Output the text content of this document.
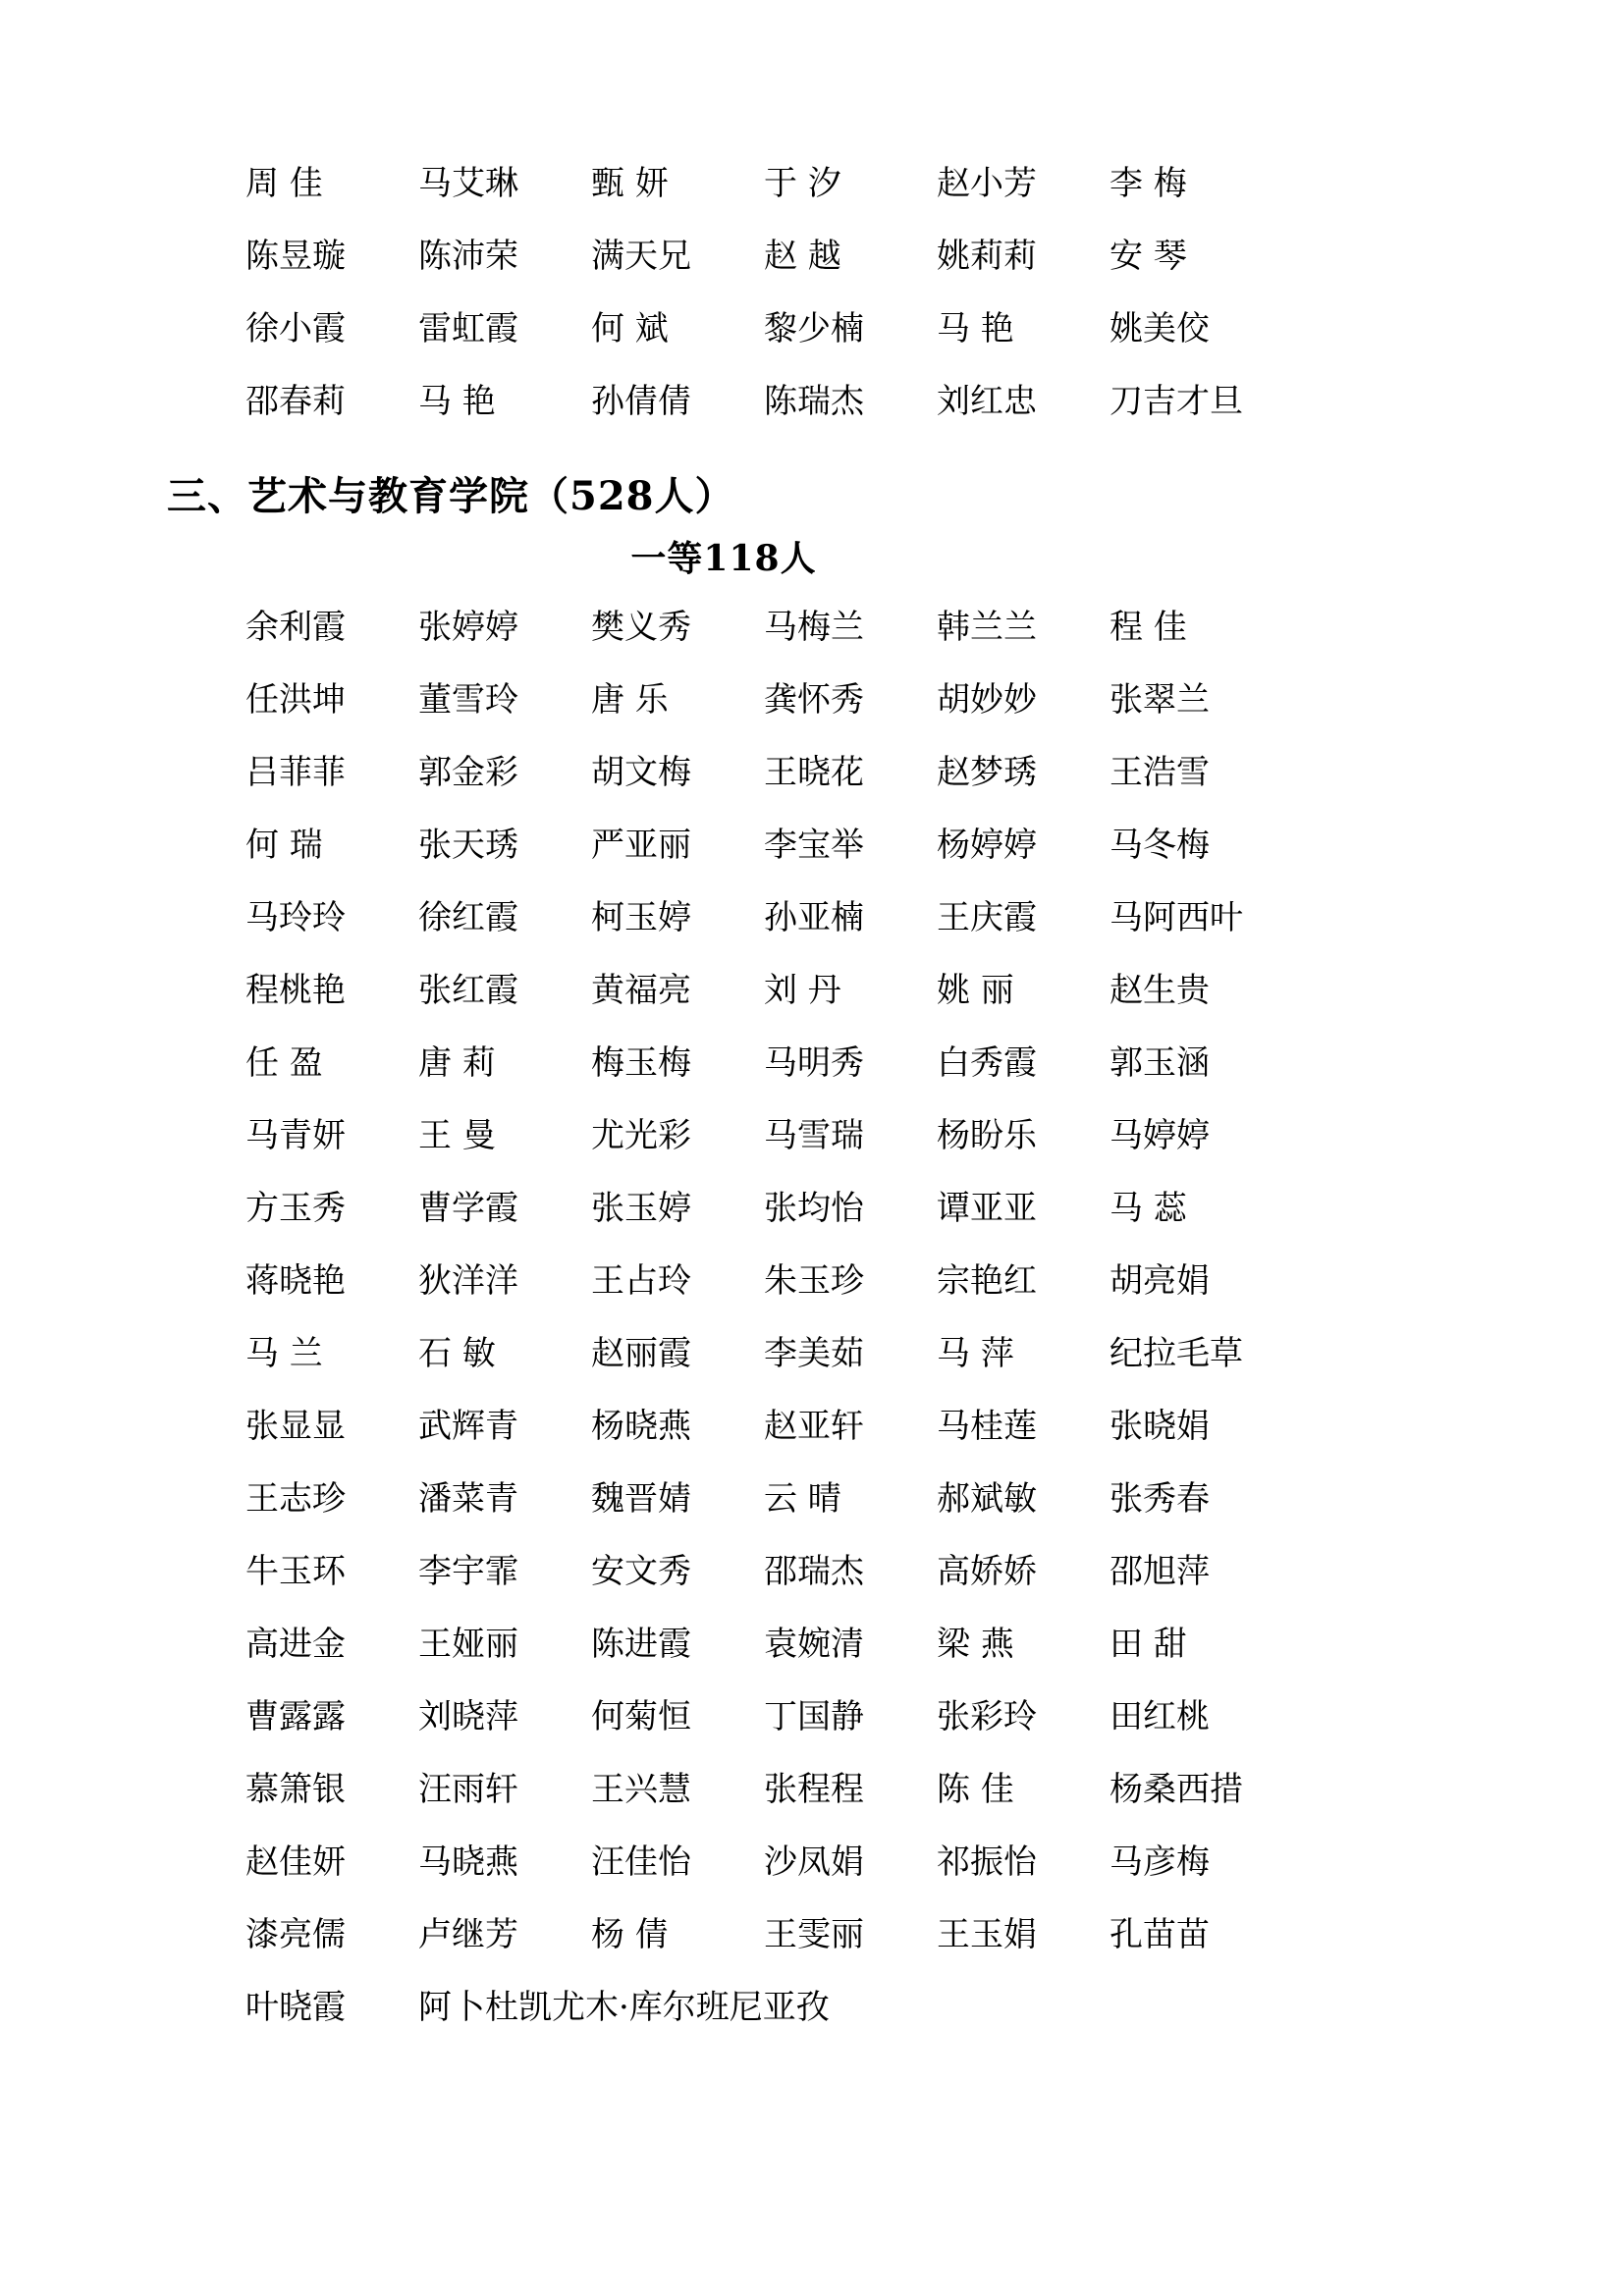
周 佳	马艾琳	甄 妍	于 汐	赵小芳	李 梅
陈昱璇	陈沛荣	满天兄	赵 越	姚莉莉	安 琴
徐小霞	雷虹霞	何 斌	黎少楠	马 艳	姚美佼
邵春莉	马 艳	孙倩倩	陈瑞杰	刘红忠	刀吉才旦
三、艺术与教育学院（528人）
一等118人
余利霞	张婷婷	樊义秀	马梅兰	韩兰兰	程 佳
任洪坤	董雪玲	唐 乐	龚怀秀	胡妙妙	张翠兰
吕菲菲	郭金彩	胡文梅	王晓花	赵梦琇	王浩雪
何 瑞	张天琇	严亚丽	李宝举	杨婷婷	马冬梅
马玲玲	徐红霞	柯玉婷	孙亚楠	王庆霞	马阿西叶
程桃艳	张红霞	黄福亮	刘 丹	姚 丽	赵生贵
任 盈	唐 莉	梅玉梅	马明秀	白秀霞	郭玉涵
马青妍	王 曼	尤光彩	马雪瑞	杨盼乐	马婷婷
方玉秀	曹学霞	张玉婷	张均怡	谭亚亚	马 蕊
蒋晓艳	狄洋洋	王占玲	朱玉珍	宗艳红	胡亮娟
马 兰	石 敏	赵丽霞	李美茹	马 萍	纪拉毛草
张显显	武辉青	杨晓燕	赵亚轩	马桂莲	张晓娟
王志珍	潘菜青	魏晋婧	云 晴	郝斌敏	张秀春
牛玉环	李宇霏	安文秀	邵瑞杰	高娇娇	邵旭萍
高进金	王娅丽	陈进霞	袁婉清	梁 燕	田 甜
曹露露	刘晓萍	何菊恒	丁国静	张彩玲	田红桃
慕箫银	汪雨轩	王兴慧	张程程	陈 佳	杨桑西措
赵佳妍	马晓燕	汪佳怡	沙凤娟	祁振怡	马彦梅
漆亮儒	卢继芳	杨 倩	王雯丽	王玉娟	孔苗苗
叶晓霞	阿卜杜凯尤木·库尔班尼亚孜
